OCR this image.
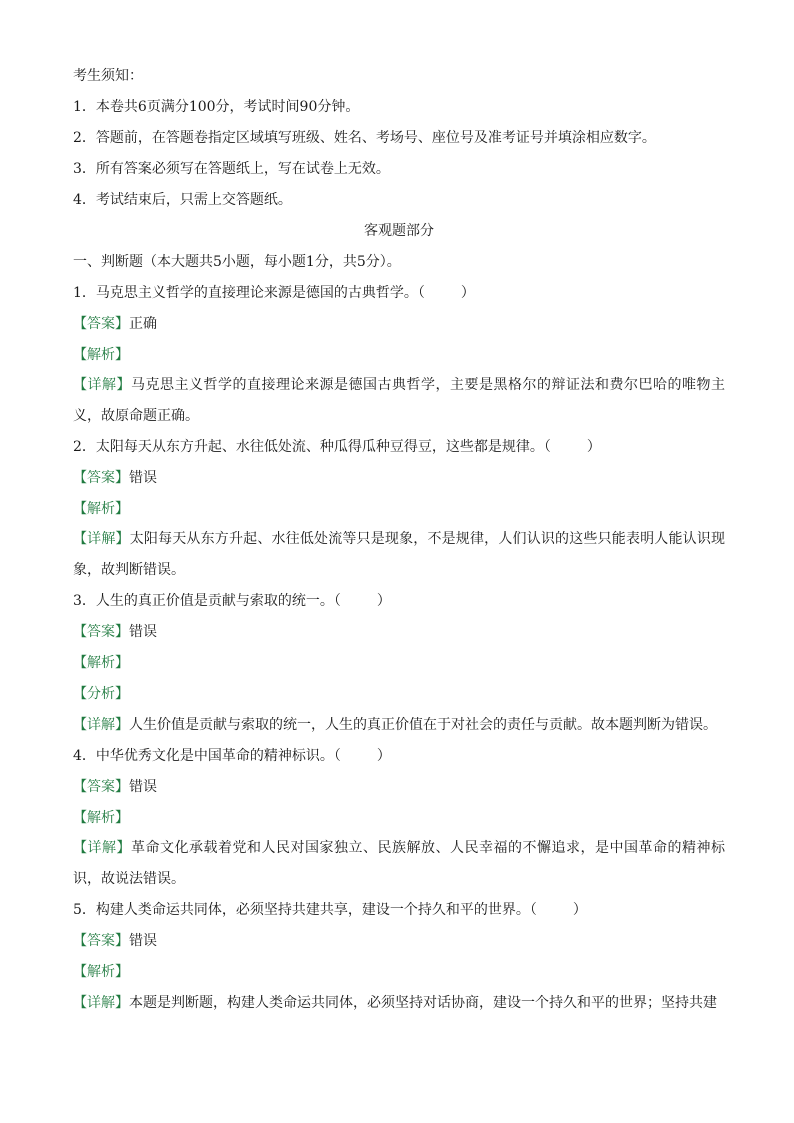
考生须知：
1．本卷共6页满分100分，考试时间90分钟。
2．答题前，在答题卷指定区域填写班级、姓名、考场号、座位号及准考证号并填涂相应数字。
3．所有答案必须写在答题纸上，写在试卷上无效。
4．考试结束后，只需上交答题纸。
客观题部分
一、判断题（本大题共5小题，每小题1分，共5分）。
1．马克思主义哲学的直接理论来源是德国的古典哲学。（	）
【答案】正确
【解析】
【详解】马克思主义哲学的直接理论来源是德国古典哲学，主要是黑格尔的辩证法和费尔巴哈的唯物主义，故原命题正确。
2．太阳每天从东方升起、水往低处流、种瓜得瓜种豆得豆，这些都是规律。（	）
【答案】错误
【解析】
【详解】太阳每天从东方升起、水往低处流等只是现象，不是规律，人们认识的这些只能表明人能认识现象，故判断错误。
3．人生的真正价值是贡献与索取的统一。（	）
【答案】错误
【解析】
【分析】
【详解】人生价值是贡献与索取的统一，人生的真正价值在于对社会的责任与贡献。故本题判断为错误。
4．中华优秀文化是中国革命的精神标识。（	）
【答案】错误
【解析】
【详解】革命文化承载着党和人民对国家独立、民族解放、人民幸福的不懈追求，是中国革命的精神标识，故说法错误。
5．构建人类命运共同体，必须坚持共建共享，建设一个持久和平的世界。（	）
【答案】错误
【解析】
【详解】本题是判断题，构建人类命运共同体，必须坚持对话协商，建设一个持久和平的世界；坚持共建
